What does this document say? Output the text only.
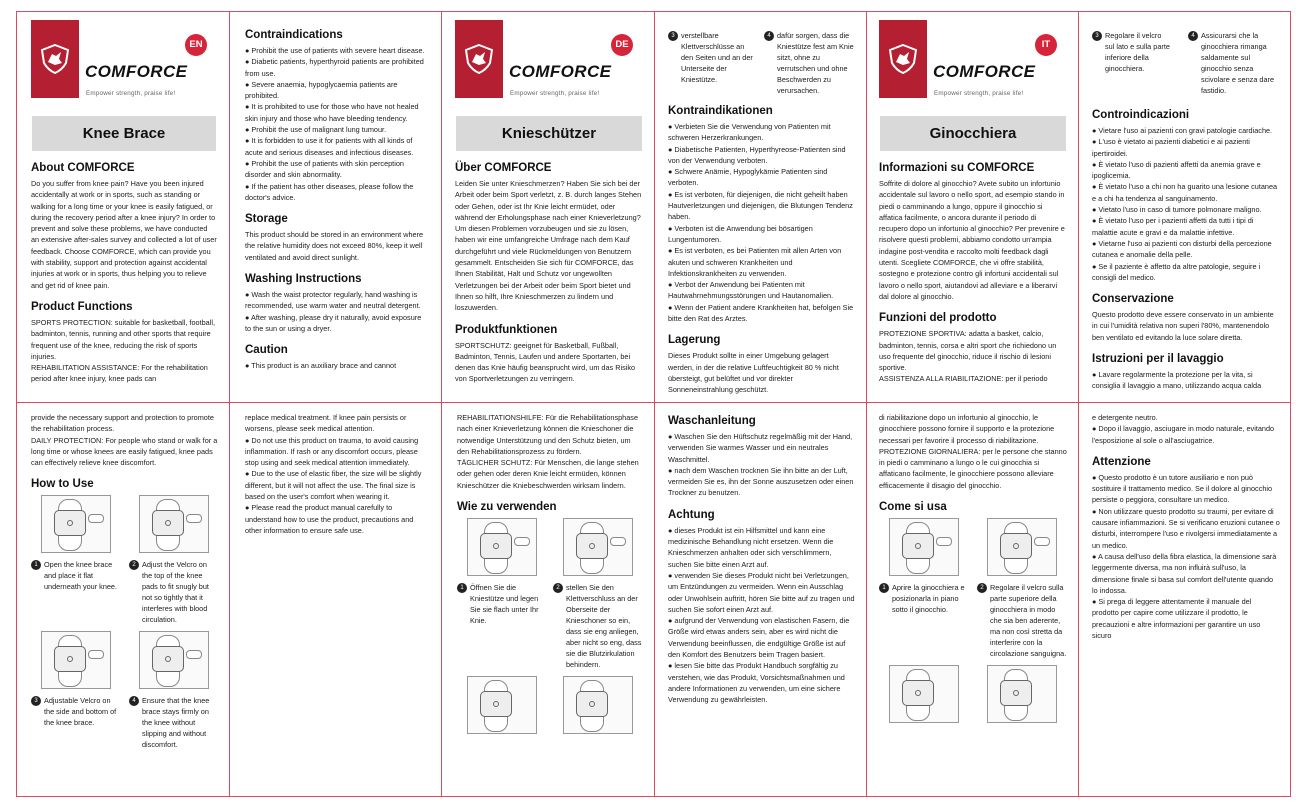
COMFORCE
Empower strength, praise life!
EN
Knee Brace
About COMFORCE

Do you suffer from knee pain? Have you been injured accidentally at work or in sports, such as standing or walking for a long time or your knee is easily fatigued, or during the recovery period after a knee injury? In order to prevent and solve these problems, we have conducted an extensive after-sales survey and collected a lot of user feedback. Choose COMFORCE, which can provide you with stability, support and protection against accidental injuries at work or in sports, thus helping you to relieve and get rid of knee pain.

Product Functions

SPORTS PROTECTION: suitable for basketball, football, badminton, tennis, running and other sports that require frequent use of the knee, reducing the risk of sports injuries.

REHABILITATION ASSISTANCE: For the rehabilitation period after knee injury, knee pads can

Contraindications

● Prohibit the use of patients with severe heart disease.

● Diabetic patients, hyperthyroid patients are prohibited from use.

● Severe anaemia, hypoglycaemia patients are prohibited.

● It is prohibited to use for those who have not healed skin injury and those who have bleeding tendency.

● Prohibit the use of malignant lung tumour.

● It is forbidden to use it for patients with all kinds of acute and serious diseases and infectious diseases.

● Prohibit the use of patients with skin perception disorder and skin abnormality.

● If the patient has other diseases, please follow the doctor's advice.

Storage

This product should be stored in an environment where the relative humidity does not exceed 80%, keep it well ventilated and avoid direct sunlight.

Washing Instructions

● Wash the waist protector regularly, hand washing is recommended, use warm water and neutral detergent.

● After washing, please dry it naturally, avoid exposure to the sun or using a dryer.

Caution

● This product is an auxiliary brace and cannot

COMFORCE
Empower strength, praise life!
DE
Knieschützer
Über COMFORCE

Leiden Sie unter Knieschmerzen? Haben Sie sich bei der Arbeit oder beim Sport verletzt, z. B. durch langes Stehen oder Gehen, oder ist Ihr Knie leicht ermüdet, oder während der Erholungsphase nach einer Knieverletzung? Um diesen Problemen vorzubeugen und sie zu lösen, haben wir eine umfangreiche Umfrage nach dem Kauf durchgeführt und viele Rückmeldungen von Benutzern gesammelt. Entscheiden Sie sich für COMFORCE, das Ihnen Stabilität, Halt und Schutz vor ungewollten Verletzungen bei der Arbeit oder beim Sport bietet und Ihnen so hilft, Ihre Knieschmerzen zu lindern und loszuwerden.

Produktfunktionen

SPORTSCHUTZ: geeignet für Basketball, Fußball, Badminton, Tennis, Laufen und andere Sportarten, bei denen das Knie häufig beansprucht wird, um das Risiko von Sportverletzungen zu verringern.

3 verstellbare Klettverschlüsse an den Seiten und an der Unterseite der Kniestütze.
4 dafür sorgen, dass die Kniestütze fest am Knie sitzt, ohne zu verrutschen und ohne Beschwerden zu verursachen.
Kontraindikationen

● Verbieten Sie die Verwendung von Patienten mit schweren Herzerkrankungen.

● Diabetische Patienten, Hyperthyreose-Patienten sind von der Verwendung verboten.

● Schwere Anämie, Hypoglykämie Patienten sind verboten.

● Es ist verboten, für diejenigen, die nicht geheilt haben Hautverletzungen und diejenigen, die Blutungen Tendenz haben.

● Verboten ist die Anwendung bei bösartigen Lungentumoren.

● Es ist verboten, es bei Patienten mit allen Arten von akuten und schweren Krankheiten und Infektionskrankheiten zu verwenden.

● Verbot der Anwendung bei Patienten mit Hautwahrnehmungsstörungen und Hautanomalien.

● Wenn der Patient andere Krankheiten hat, befolgen Sie bitte den Rat des Arztes.

Lagerung

Dieses Produkt sollte in einer Umgebung gelagert werden, in der die relative Luftfeuchtigkeit 80 % nicht übersteigt, gut belüftet und vor direkter Sonneneinstrahlung geschützt.

COMFORCE
Empower strength, praise life!
IT
Ginocchiera
Informazioni su COMFORCE

Soffrite di dolore al ginocchio? Avete subito un infortunio accidentale sul lavoro o nello sport, ad esempio stando in piedi o camminando a lungo, oppure il ginocchio si affatica facilmente, o ancora durante il periodo di recupero dopo un infortunio al ginocchio? Per prevenire e risolvere questi problemi, abbiamo condotto un'ampia indagine post-vendita e raccolto molti feedback dagli utenti. Scegliete COMFORCE, che vi offre stabilità, sostegno e protezione contro gli infortuni accidentali sul lavoro o nello sport, aiutandovi ad alleviare e a liberarvi dal dolore al ginocchio.

Funzioni del prodotto

PROTEZIONE SPORTIVA: adatta a basket, calcio, badminton, tennis, corsa e altri sport che richiedono un uso frequente del ginocchio, riduce il rischio di lesioni sportive.

ASSISTENZA ALLA RIABILITAZIONE: per il periodo

3 Regolare il velcro sul lato e sulla parte inferiore della ginocchiera.
4 Assicurarsi che la ginocchiera rimanga saldamente sul ginocchio senza scivolare e senza dare fastidio.
Controindicazioni

● Vietare l'uso ai pazienti con gravi patologie cardiache.

● L'uso è vietato ai pazienti diabetici e ai pazienti ipertiroidei.

● È vietato l'uso di pazienti affetti da anemia grave e ipoglicemia.

● È vietato l'uso a chi non ha guarito una lesione cutanea e a chi ha tendenza al sanguinamento.

● Vietato l'uso in caso di tumore polmonare maligno.

● È vietato l'uso per i pazienti affetti da tutti i tipi di malattie acute e gravi e da malattie infettive.

● Vietarne l'uso ai pazienti con disturbi della percezione cutanea e anomalie della pelle.

● Se il paziente è affetto da altre patologie, seguire i consigli del medico.

Conservazione

Questo prodotto deve essere conservato in un ambiente in cui l'umidità relativa non superi l'80%, mantenendolo ben ventilato ed evitando la luce solare diretta.

Istruzioni per il lavaggio

● Lavare regolarmente la protezione per la vita, si consiglia il lavaggio a mano, utilizzando acqua calda

provide the necessary support and protection to promote the rehabilitation process.

DAILY PROTECTION: For people who stand or walk for a long time or whose knees are easily fatigued, knee pads can effectively relieve knee discomfort.

How to Use
1 Open the knee brace and place it flat underneath your knee.
2 Adjust the Velcro on the top of the knee pads to fit snugly but not so tightly that it interferes with blood circulation.
3 Adjustable Velcro on the side and bottom of the knee brace.
4 Ensure that the knee brace stays firmly on the knee without slipping and without discomfort.

replace medical treatment. If knee pain persists or worsens, please seek medical attention.

● Do not use this product on trauma, to avoid causing inflammation. If rash or any discomfort occurs, please stop using and seek medical attention immediately.

● Due to the use of elastic fiber, the size will be slightly different, but it will not affect the use. The final size is based on the user's comfort when wearing it.

● Please read the product manual carefully to understand how to use the product, precautions and other information to ensure safe use.

REHABILITATIONSHILFE: Für die Rehabilitationsphase nach einer Knieverletzung können die Knieschoner die notwendige Unterstützung und den Schutz bieten, um den Rehabilitationsprozess zu fördern.

TÄGLICHER SCHUTZ: Für Menschen, die lange stehen oder gehen oder deren Knie leicht ermüden, können Knieschützer die Kniebeschwerden wirksam lindern.

Wie zu verwenden
1 Öffnen Sie die Kniestütze und legen Sie sie flach unter Ihr Knie.
2 stellen Sie den Klettverschluss an der Oberseite der Knieschoner so ein, dass sie eng anliegen, aber nicht so eng, dass sie die Blutzirkulation behindern.
Waschanleitung

● Waschen Sie den Hüftschutz regelmäßig mit der Hand, verwenden Sie warmes Wasser und ein neutrales Waschmittel.

● nach dem Waschen trocknen Sie ihn bitte an der Luft, vermeiden Sie es, ihn der Sonne auszusetzen oder einen Trockner zu benutzen.

Achtung

● dieses Produkt ist ein Hilfsmittel und kann eine medizinische Behandlung nicht ersetzen. Wenn die Knieschmerzen anhalten oder sich verschlimmern, suchen Sie bitte einen Arzt auf.

● verwenden Sie dieses Produkt nicht bei Verletzungen, um Entzündungen zu vermeiden. Wenn ein Ausschlag oder Unwohlsein auftritt, hören Sie bitte auf zu tragen und suchen Sie sofort einen Arzt auf.

● aufgrund der Verwendung von elastischen Fasern, die Größe wird etwas anders sein, aber es wird nicht die Verwendung beeinflussen, die endgültige Größe ist auf den Komfort des Benutzers beim Tragen basiert.

● lesen Sie bitte das Produkt Handbuch sorgfältig zu verstehen, wie das Produkt, Vorsichtsmaßnahmen und andere Informationen zu verwenden, um eine sichere Verwendung zu gewährleisten.

di riabilitazione dopo un infortunio al ginocchio, le ginocchiere possono fornire il supporto e la protezione necessari per favorire il processo di riabilitazione.

PROTEZIONE GIORNALIERA: per le persone che stanno in piedi o camminano a lungo o le cui ginocchia si affaticano facilmente, le ginocchiere possono alleviare efficacemente il disagio del ginocchio.

Come si usa
1 Aprire la ginocchiera e posizionarla in piano sotto il ginocchio.
2 Regolare il velcro sulla parte superiore della ginocchiera in modo che sia ben aderente, ma non così stretta da interferire con la circolazione sanguigna.

e detergente neutro.

● Dopo il lavaggio, asciugare in modo naturale, evitando l'esposizione al sole o all'asciugatrice.

Attenzione

● Questo prodotto è un tutore ausiliario e non può sostituire il trattamento medico. Se il dolore al ginocchio persiste o peggiora, consultare un medico.

● Non utilizzare questo prodotto su traumi, per evitare di causare infiammazioni. Se si verificano eruzioni cutanee o disturbi, interrompere l'uso e rivolgersi immediatamente a un medico.

● A causa dell'uso della fibra elastica, la dimensione sarà leggermente diversa, ma non influirà sull'uso, la dimensione finale si basa sul comfort dell'utente quando lo indossa.

● Si prega di leggere attentamente il manuale del prodotto per capire come utilizzare il prodotto, le precauzioni e altre informazioni per garantire un uso sicuro
